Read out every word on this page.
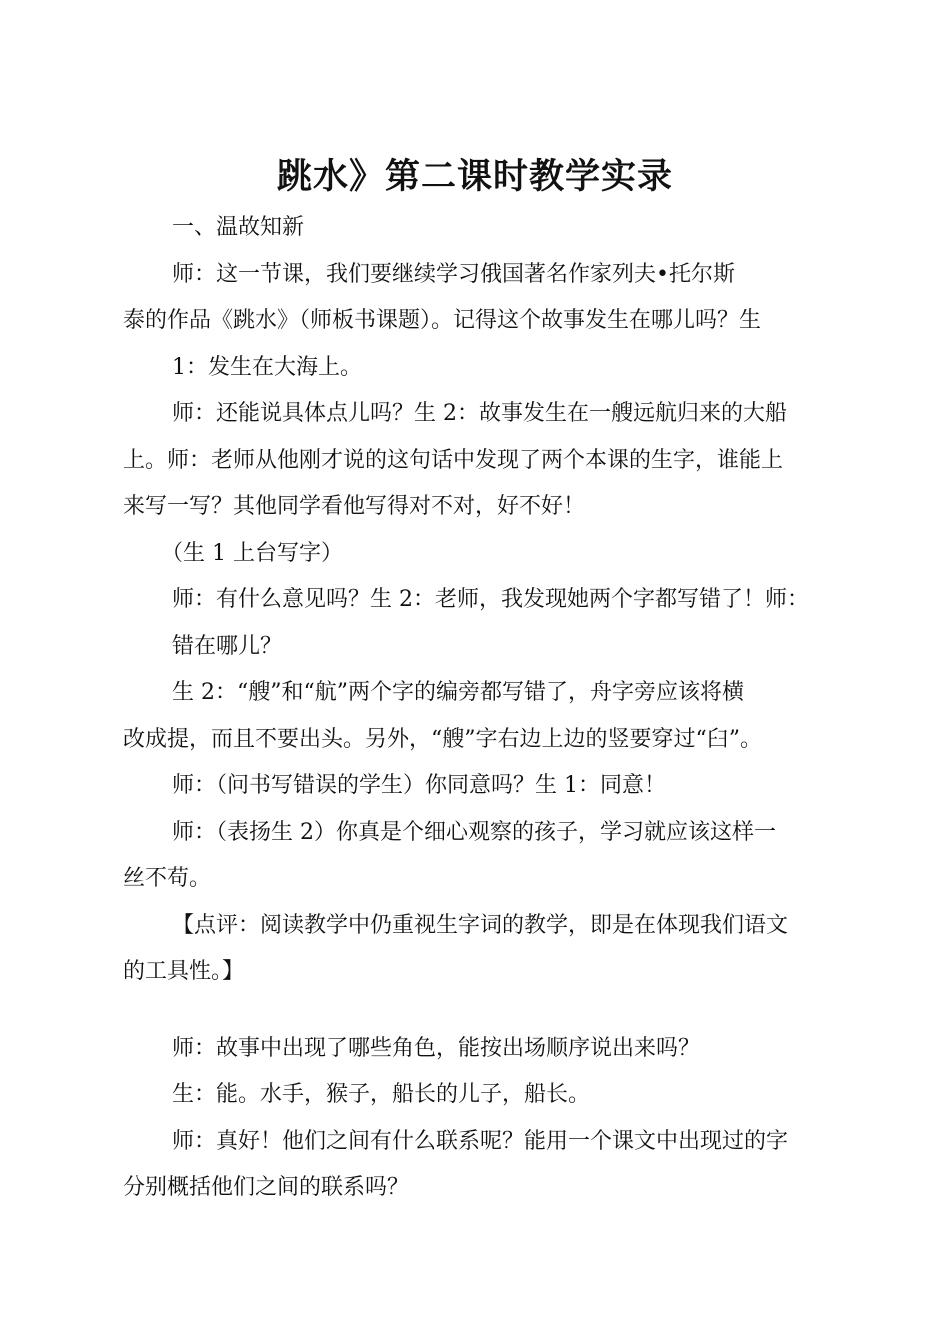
跳水》第二课时教学实录

一、温故知新

师：这一节课，我们要继续学习俄国著名作家列夫•托尔斯

泰的作品《跳水》（师板书课题）。记得这个故事发生在哪儿吗？生

1：发生在大海上。

师：还能说具体点儿吗？生 2：故事发生在一艘远航归来的大船

上。师：老师从他刚才说的这句话中发现了两个本课的生字，谁能上

来写一写？其他同学看他写得对不对，好不好！

（生 1 上台写字）

师：有什么意见吗？生 2：老师，我发现她两个字都写错了！师：

错在哪儿？

生 2：“艘”和“航”两个字的编旁都写错了，舟字旁应该将横

改成提，而且不要出头。另外，“艘”字右边上边的竖要穿过“臼”。

师：（问书写错误的学生）你同意吗？生 1：同意！

师：（表扬生 2）你真是个细心观察的孩子，学习就应该这样一

丝不苟。

【点评：阅读教学中仍重视生字词的教学，即是在体现我们语文

的工具性。】

师：故事中出现了哪些角色，能按出场顺序说出来吗？

生：能。水手，猴子，船长的儿子，船长。

师：真好！他们之间有什么联系呢？能用一个课文中出现过的字

分别概括他们之间的联系吗？
